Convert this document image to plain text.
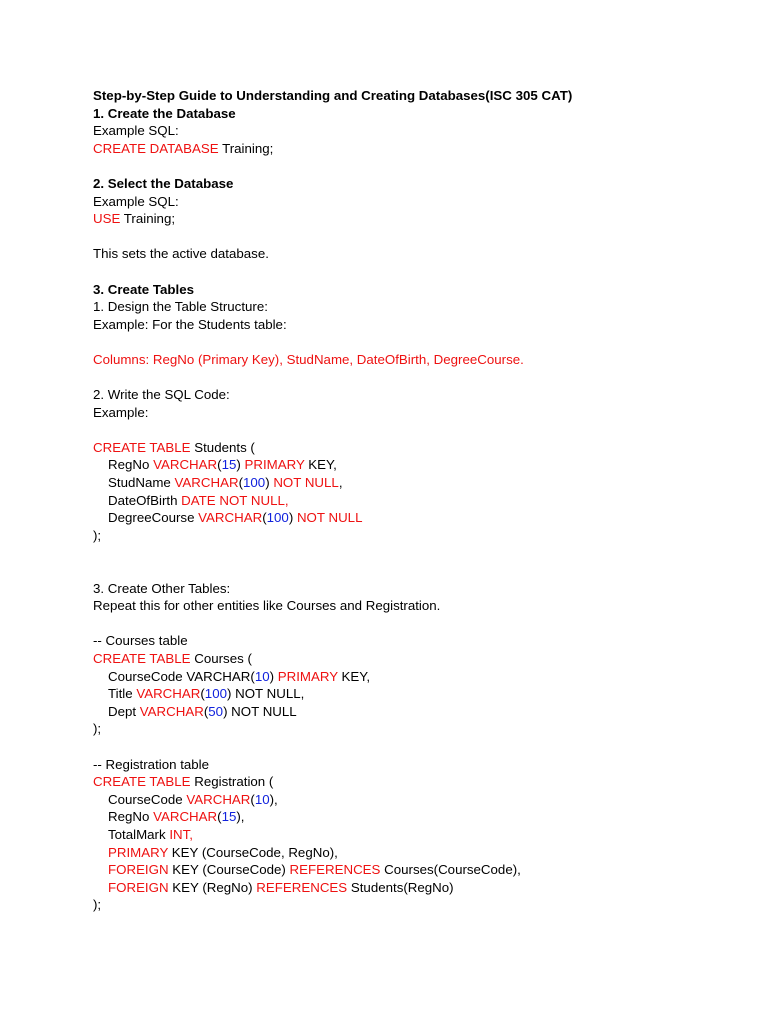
Step-by-Step Guide to Understanding and Creating Databases(ISC 305 CAT)
1. Create the Database
Example SQL:
CREATE DATABASE Training;
2. Select the Database
Example SQL:
USE Training;
This sets the active database.
3. Create Tables
1. Design the Table Structure:
Example: For the Students table:
Columns: RegNo (Primary Key), StudName, DateOfBirth, DegreeCourse.
2. Write the SQL Code:
Example:
CREATE TABLE Students (
RegNo VARCHAR(15) PRIMARY KEY,
StudName VARCHAR(100) NOT NULL,
DateOfBirth DATE NOT NULL,
DegreeCourse VARCHAR(100) NOT NULL
);
3. Create Other Tables:
Repeat this for other entities like Courses and Registration.
-- Courses table
CREATE TABLE Courses (
CourseCode VARCHAR(10) PRIMARY KEY,
Title VARCHAR(100) NOT NULL,
Dept VARCHAR(50) NOT NULL
);
-- Registration table
CREATE TABLE Registration (
CourseCode VARCHAR(10),
RegNo VARCHAR(15),
TotalMark INT,
PRIMARY KEY (CourseCode, RegNo),
FOREIGN KEY (CourseCode) REFERENCES Courses(CourseCode),
FOREIGN KEY (RegNo) REFERENCES Students(RegNo)
);
